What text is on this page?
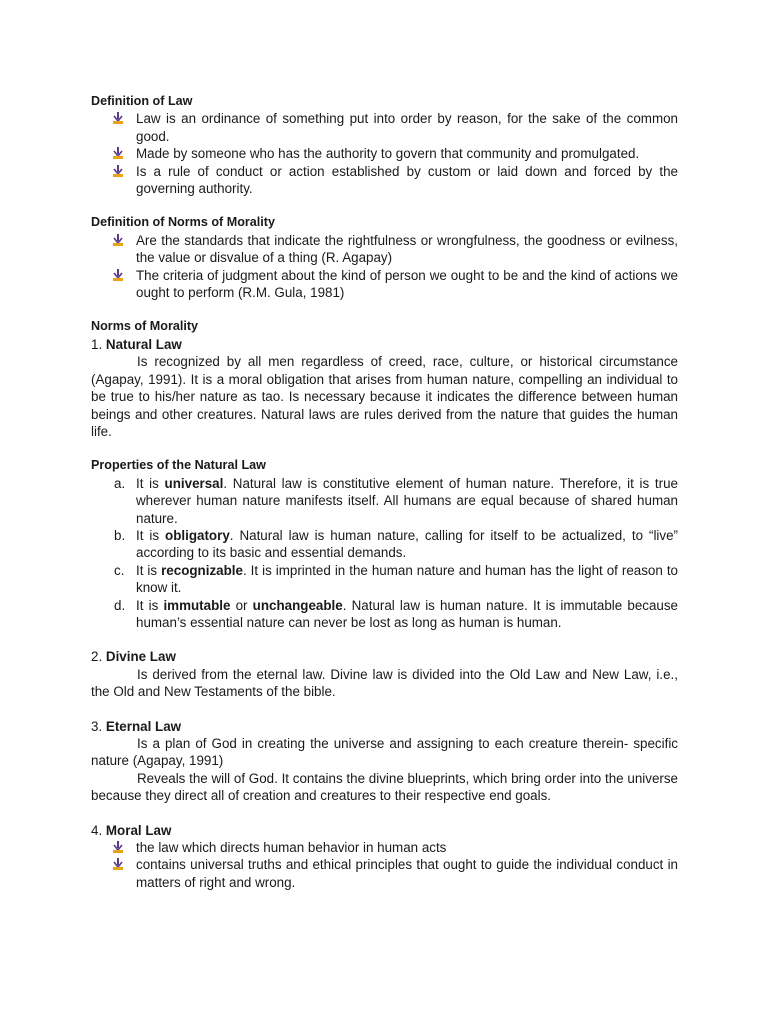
Definition of Law

Law is an ordinance of something put into order by reason, for the sake of the common good.
Made by someone who has the authority to govern that community and promulgated.
Is a rule of conduct or action established by custom or laid down and forced by the governing authority.

Definition of Norms of Morality

Are the standards that indicate the rightfulness or wrongfulness, the goodness or evilness, the value or disvalue of a thing (R. Agapay)
The criteria of judgment about the kind of person we ought to be and the kind of actions we ought to perform (R.M. Gula, 1981)

Norms of Morality

1. Natural Law

Is recognized by all men regardless of creed, race, culture, or historical circumstance (Agapay, 1991). It is a moral obligation that arises from human nature, compelling an individual to be true to his/her nature as tao. Is necessary because it indicates the difference between human beings and other creatures. Natural laws are rules derived from the nature that guides the human life.

Properties of the Natural Law

a. It is universal. Natural law is constitutive element of human nature. Therefore, it is true wherever human nature manifests itself. All humans are equal because of shared human nature.
b. It is obligatory. Natural law is human nature, calling for itself to be actualized, to “live” according to its basic and essential demands.
c. It is recognizable. It is imprinted in the human nature and human has the light of reason to know it.
d. It is immutable or unchangeable. Natural law is human nature. It is immutable because human’s essential nature can never be lost as long as human is human.

2. Divine Law

Is derived from the eternal law. Divine law is divided into the Old Law and New Law, i.e., the Old and New Testaments of the bible.

3. Eternal Law

Is a plan of God in creating the universe and assigning to each creature therein- specific nature (Agapay, 1991)

Reveals the will of God. It contains the divine blueprints, which bring order into the universe because they direct all of creation and creatures to their respective end goals.

4. Moral Law

the law which directs human behavior in human acts
contains universal truths and ethical principles that ought to guide the individual conduct in matters of right and wrong.
